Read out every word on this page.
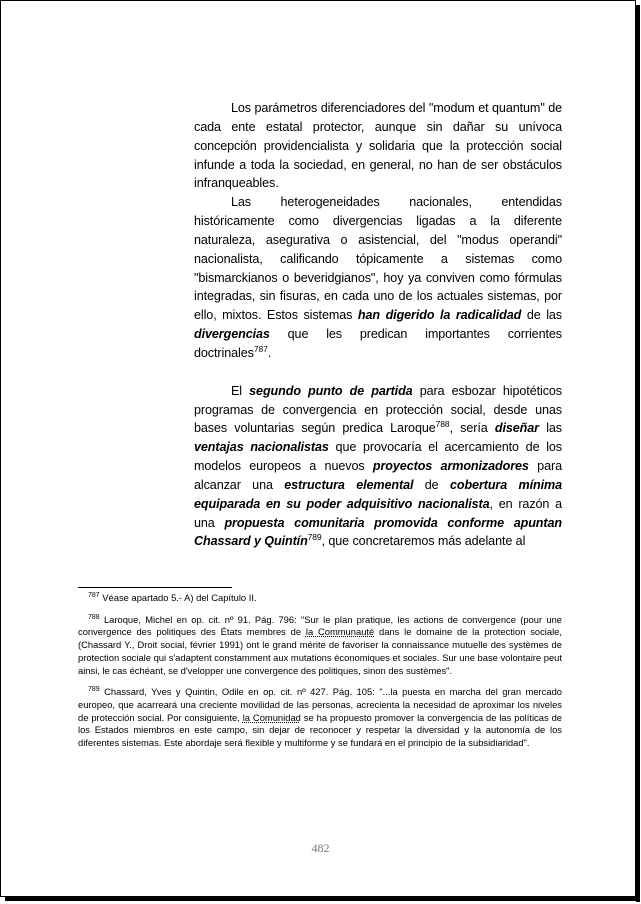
Los parámetros diferenciadores del "modum et quantum" de cada ente estatal protector, aunque sin dañar su unívoca concepción providencialista y solidaria que la protección social infunde a toda la sociedad, en general, no han de ser obstáculos infranqueables.

Las heterogeneidades nacionales, entendidas históricamente como divergencias ligadas a la diferente naturaleza, asegurativa o asistencial, del "modus operandi" nacionalista, calificando tópicamente a sistemas como "bismarckianos o beveridgianos", hoy ya conviven como fórmulas integradas, sin fisuras, en cada uno de los actuales sistemas, por ello, mixtos. Estos sistemas han digerido la radicalidad de las divergencias que les predican importantes corrientes doctrinales$^{787}$.

El segundo punto de partida para esbozar hipotéticos programas de convergencia en protección social, desde unas bases voluntarias según predica Laroque$^{788}$, sería diseñar las ventajas nacionalistas que provocaría el acercamiento de los modelos europeos a nuevos proyectos armonizadores para alcanzar una estructura elemental de cobertura mínima equiparada en su poder adquisitivo nacionalista, en razón a una propuesta comunitaria promovida conforme apuntan Chassard y Quintín$^{789}$, que concretaremos más adelante al

$^{787}$ Véase apartado 5.- A) del Capítulo II.

$^{788}$ Laroque, Michel en op. cit. nº 91. Pág. 796: "Sur le plan pratique, les actions de convergence (pour une convergence des politiques des États membres de la Communauté dans le domaine de la protection sociale, (Chassard Y., Droit social, février 1991) ont le grand mérite de favoriser la connaissance mutuelle des systèmes de protection sociale qui s'adaptent constamment aux mutations économiques et sociales. Sur une base volontaire peut ainsi, le cas échéant, se d'velopper une convergence des politiques, sinon des sustèmes".

$^{789}$ Chassard, Yves y Quintin, Odile en op. cit. nº 427. Pág. 105: "...la puesta en marcha del gran mercado europeo, que acarreará una creciente movilidad de las personas, acrecienta la necesidad de aproximar los niveles de protección social. Por consiguiente, la Comunidad se ha propuesto promover la convergencia de las políticas de los Estados miembros en este campo, sin dejar de reconocer y respetar la diversidad y la autonomía de los diferentes sistemas. Este abordaje será flexible y multiforme y se fundará en el principio de la subsidiaridad".

482
